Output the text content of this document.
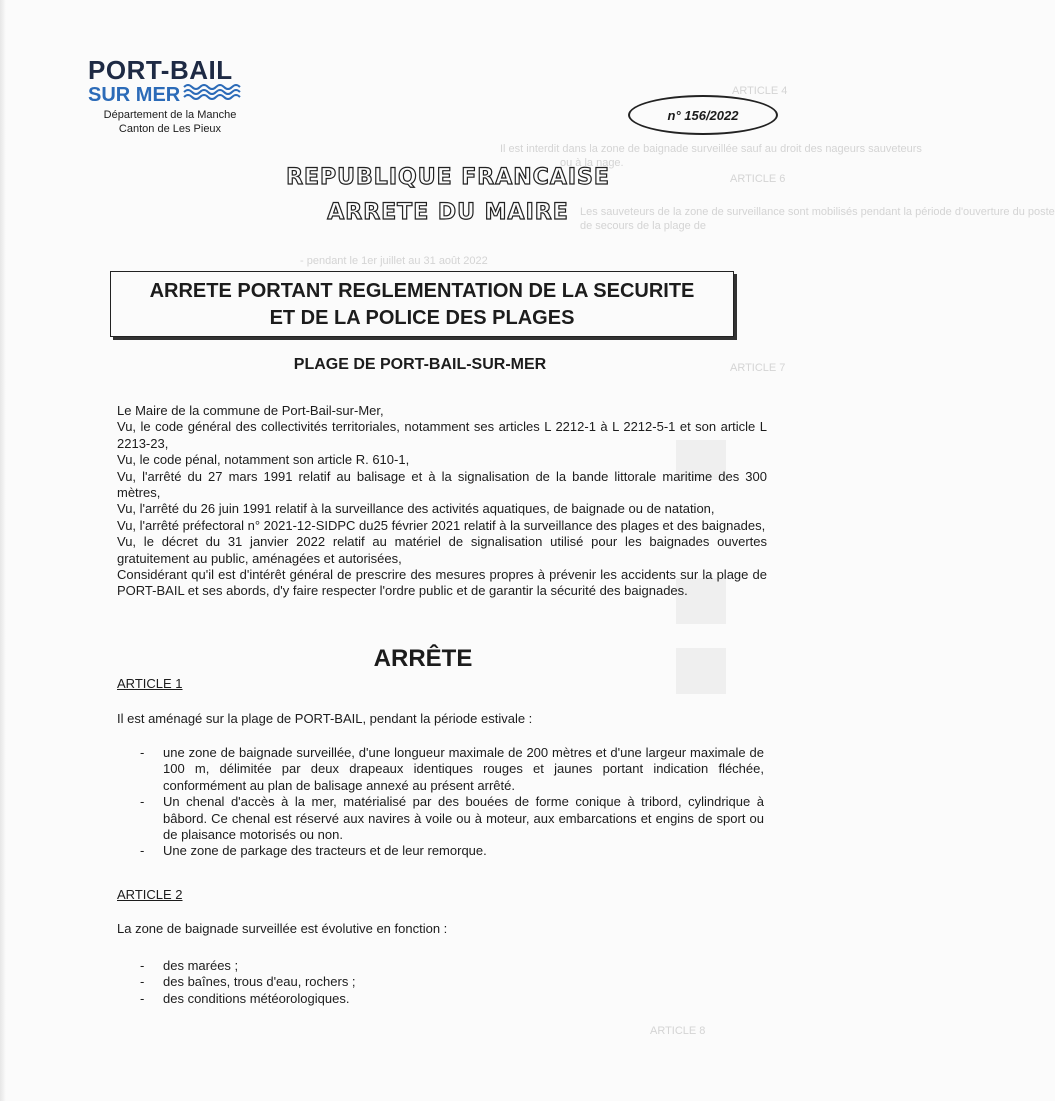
ARTICLE 4
Il est interdit dans la zone de baignade surveillée sauf au droit des nageurs sauveteurs
ou à la nage.
ARTICLE 6
Les sauveteurs de la zone de surveillance sont mobilisés pendant la période d'ouverture du poste
de secours de la plage de
- pendant le 1er juillet au 31 août 2022
ARTICLE 7
ARTICLE 8
PORT-BAIL
SUR MER
Département de la Manche
Canton de Les Pieux
n° 156/2022
REPUBLIQUE FRANCAISE
ARRETE DU MAIRE
ARRETE PORTANT REGLEMENTATION DE LA SECURITE
ET DE LA POLICE DES PLAGES
PLAGE DE PORT-BAIL-SUR-MER

Le Maire de la commune de Port-Bail-sur-Mer,

Vu, le code général des collectivités territoriales, notamment ses articles L 2212-1 à L 2212-5-1 et son article L 2213-23,

Vu, le code pénal, notamment son article R. 610-1,

Vu, l'arrêté du 27 mars 1991 relatif au balisage et à la signalisation de la bande littorale maritime des 300 mètres,

Vu, l'arrêté du 26 juin 1991 relatif à la surveillance des activités aquatiques, de baignade ou de natation,

Vu, l'arrêté préfectoral n° 2021-12-SIDPC du25 février 2021 relatif à la surveillance des plages et des baignades,

Vu, le décret du 31 janvier 2022 relatif au matériel de signalisation utilisé pour les baignades ouvertes gratuitement au public, aménagées et autorisées,

Considérant qu'il est d'intérêt général de prescrire des mesures propres à prévenir les accidents sur la plage de PORT-BAIL et ses abords, d'y faire respecter l'ordre public et de garantir la sécurité des baignades.

ARRÊTE
ARTICLE 1
Il est aménagé sur la plage de PORT-BAIL, pendant la période estivale :
- une zone de baignade surveillée, d'une longueur maximale de 200 mètres et d'une largeur maximale de 100 m, délimitée par deux drapeaux identiques rouges et jaunes portant indication fléchée, conformément au plan de balisage annexé au présent arrêté.
- Un chenal d'accès à la mer, matérialisé par des bouées de forme conique à tribord, cylindrique à bâbord. Ce chenal est réservé aux navires à voile ou à moteur, aux embarcations et engins de sport ou de plaisance motorisés ou non.
- Une zone de parkage des tracteurs et de leur remorque.
ARTICLE 2
La zone de baignade surveillée est évolutive en fonction :
- des marées ;
- des baînes, trous d'eau, rochers ;
- des conditions météorologiques.
